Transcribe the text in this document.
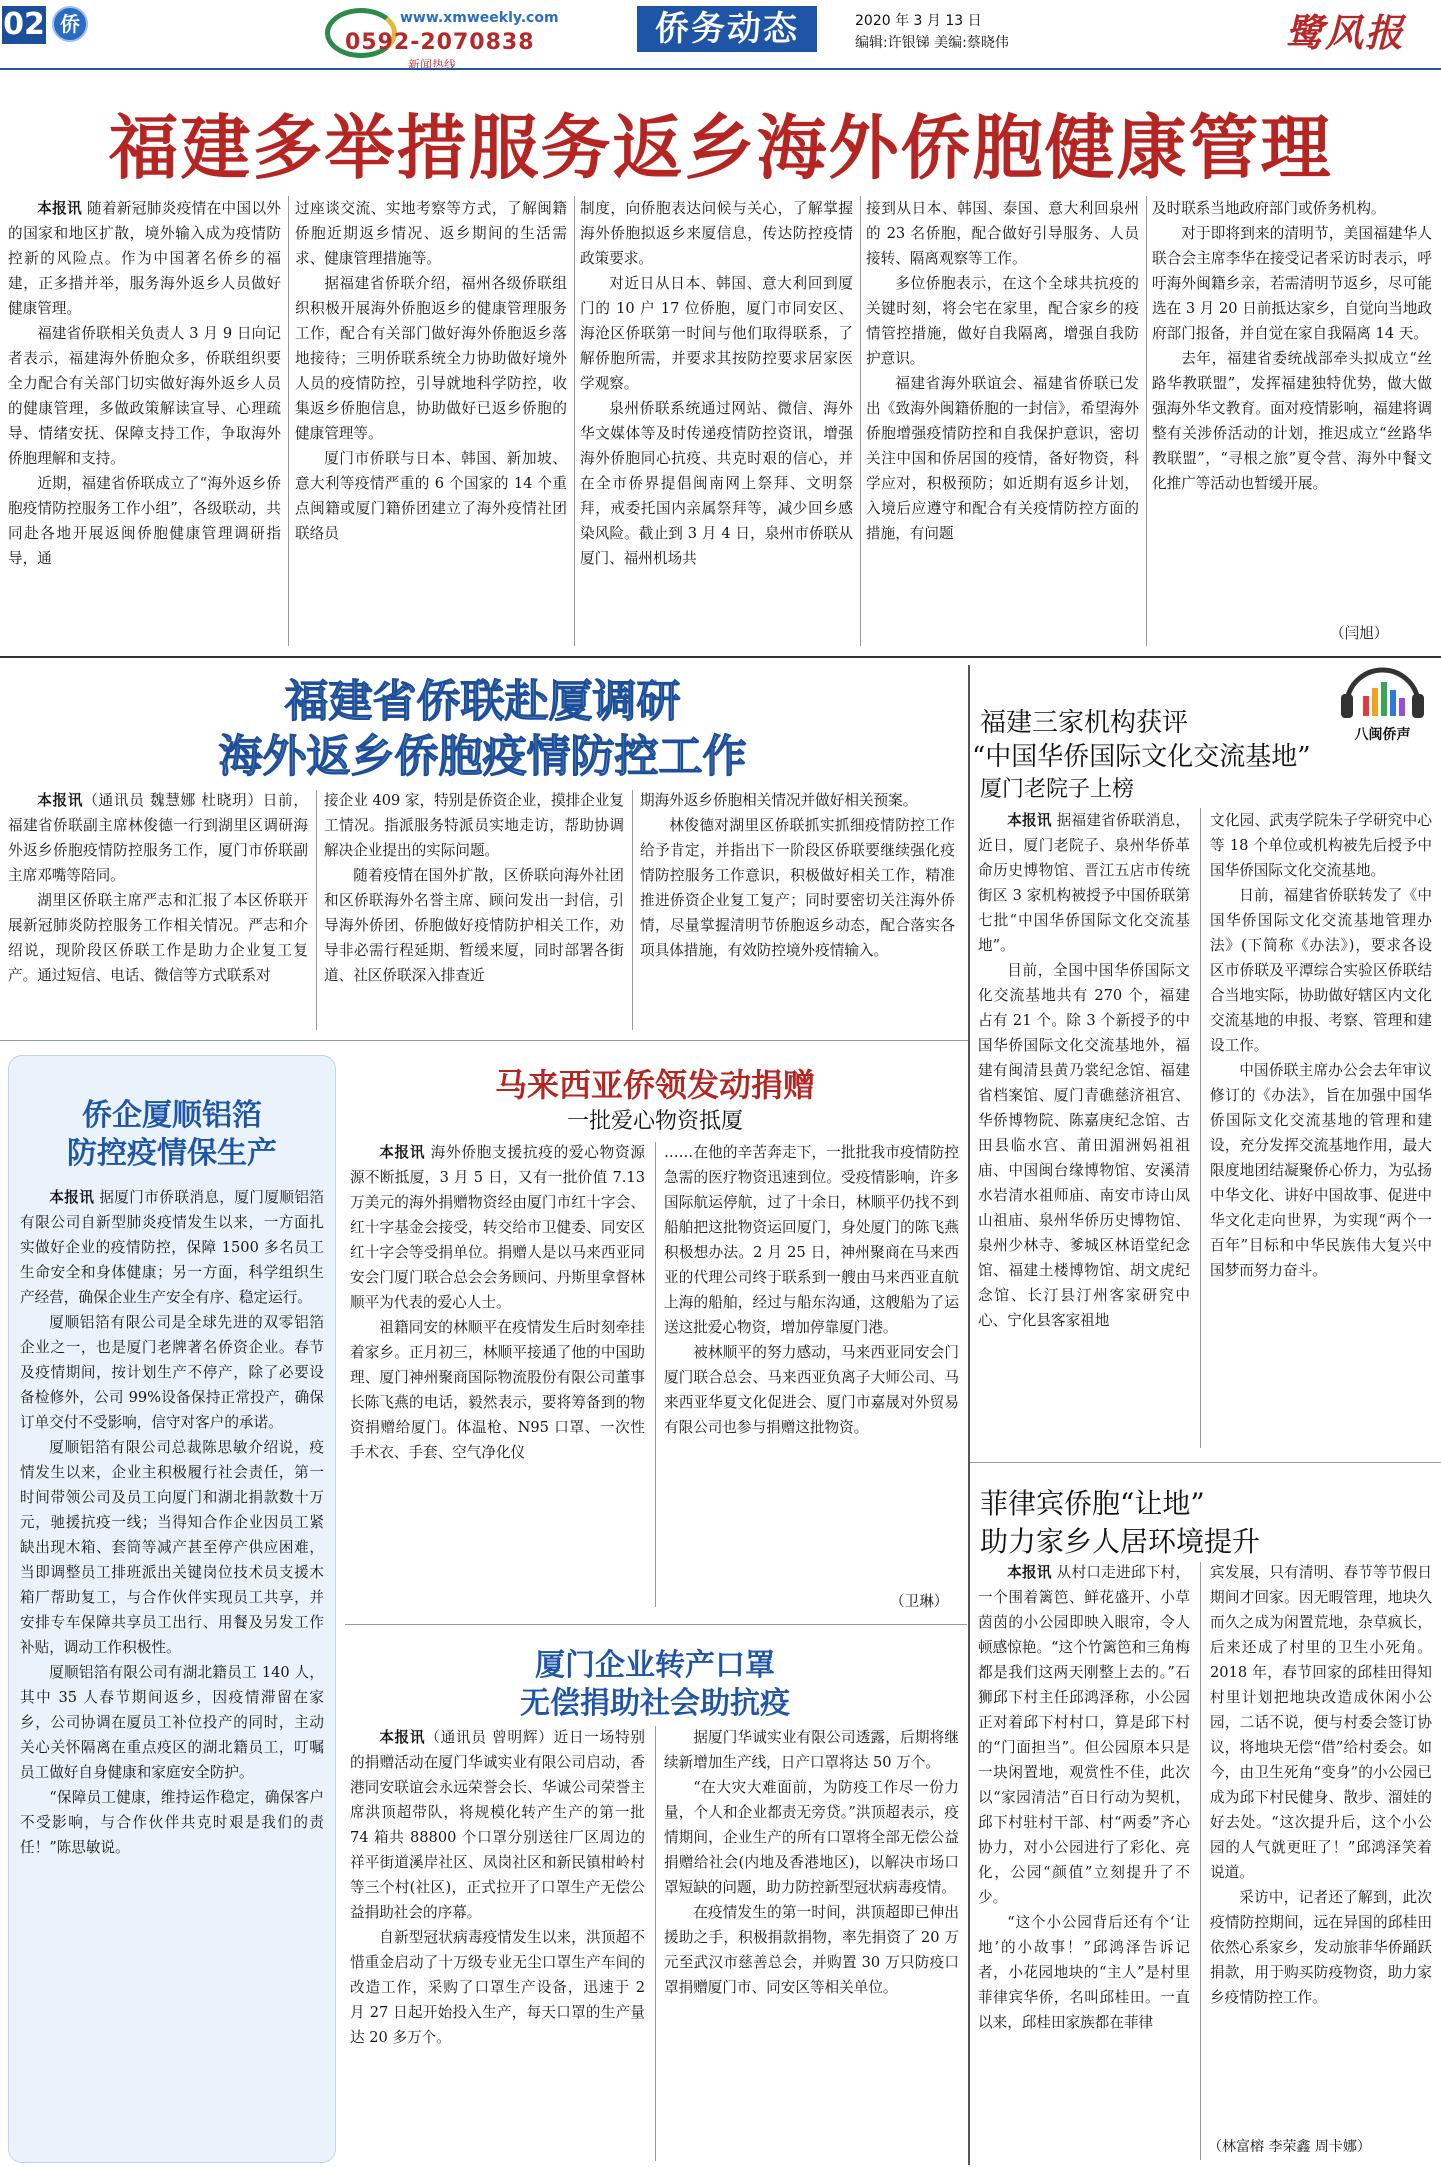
02 侨	www.xmweekly.com
0592-2070838
新闻热线
侨务动态	2020 年 3 月 13 日
编辑:许银锑 美编:蔡晓伟	鹭风报
福建多举措服务返乡海外侨胞健康管理

本报讯 随着新冠肺炎疫情在中国以外的国家和地区扩散，境外输入成为疫情防控新的风险点。作为中国著名侨乡的福建，正多措并举，服务海外返乡人员做好健康管理。

福建省侨联相关负责人 3 月 9 日向记者表示，福建海外侨胞众多，侨联组织要全力配合有关部门切实做好海外返乡人员的健康管理，多做政策解读宣导、心理疏导、情绪安抚、保障支持工作，争取海外侨胞理解和支持。

近期，福建省侨联成立了“海外返乡侨胞疫情防控服务工作小组”，各级联动，共同赴各地开展返闽侨胞健康管理调研指导，通

过座谈交流、实地考察等方式，了解闽籍侨胞近期返乡情况、返乡期间的生活需求、健康管理措施等。

据福建省侨联介绍，福州各级侨联组织积极开展海外侨胞返乡的健康管理服务工作，配合有关部门做好海外侨胞返乡落地接待；三明侨联系统全力协助做好境外人员的疫情防控，引导就地科学防控，收集返乡侨胞信息，协助做好已返乡侨胞的健康管理等。

厦门市侨联与日本、韩国、新加坡、意大利等疫情严重的 6 个国家的 14 个重点闽籍或厦门籍侨团建立了海外疫情社团联络员

制度，向侨胞表达问候与关心，了解掌握海外侨胞拟返乡来厦信息，传达防控疫情政策要求。

对近日从日本、韩国、意大利回到厦门的 10 户 17 位侨胞，厦门市同安区、海沧区侨联第一时间与他们取得联系，了解侨胞所需，并要求其按防控要求居家医学观察。

泉州侨联系统通过网站、微信、海外华文媒体等及时传递疫情防控资讯，增强海外侨胞同心抗疫、共克时艰的信心，并在全市侨界提倡闽南网上祭拜、文明祭拜，戒委托国内亲属祭拜等，减少回乡感染风险。截止到 3 月 4 日，泉州市侨联从厦门、福州机场共

接到从日本、韩国、泰国、意大利回泉州的 23 名侨胞，配合做好引导服务、人员接转、隔离观察等工作。

多位侨胞表示，在这个全球共抗疫的关键时刻，将会宅在家里，配合家乡的疫情管控措施，做好自我隔离，增强自我防护意识。

福建省海外联谊会、福建省侨联已发出《致海外闽籍侨胞的一封信》，希望海外侨胞增强疫情防控和自我保护意识，密切关注中国和侨居国的疫情，备好物资，科学应对，积极预防；如近期有返乡计划，入境后应遵守和配合有关疫情防控方面的措施，有问题

及时联系当地政府部门或侨务机构。

对于即将到来的清明节，美国福建华人联合会主席李华在接受记者采访时表示，呼吁海外闽籍乡亲，若需清明节返乡，尽可能选在 3 月 20 日前抵达家乡，自觉向当地政府部门报备，并自觉在家自我隔离 14 天。

去年，福建省委统战部牵头拟成立“丝路华教联盟”，发挥福建独特优势，做大做强海外华文教育。面对疫情影响，福建将调整有关涉侨活动的计划，推迟成立“丝路华教联盟”，“寻根之旅”夏令营、海外中餐文化推广等活动也暂缓开展。

（闫旭）
福建省侨联赴厦调研
海外返乡侨胞疫情防控工作

本报讯（通讯员 魏慧娜 杜晓玥）日前，福建省侨联副主席林俊德一行到湖里区调研海外返乡侨胞疫情防控服务工作，厦门市侨联副主席邓嘴等陪同。

湖里区侨联主席严志和汇报了本区侨联开展新冠肺炎防控服务工作相关情况。严志和介绍说，现阶段区侨联工作是助力企业复工复产。通过短信、电话、微信等方式联系对

接企业 409 家，特别是侨资企业，摸排企业复工情况。指派服务特派员实地走访，帮助协调解决企业提出的实际问题。

随着疫情在国外扩散，区侨联向海外社团和区侨联海外名誉主席、顾问发出一封信，引导海外侨团、侨胞做好疫情防护相关工作，劝导非必需行程延期、暂缓来厦，同时部署各街道、社区侨联深入排查近

期海外返乡侨胞相关情况并做好相关预案。

林俊德对湖里区侨联抓实抓细疫情防控工作给予肯定，并指出下一阶段区侨联要继续强化疫情防控服务工作意识，积极做好相关工作，精准推进侨资企业复工复产；同时要密切关注海外侨情，尽量掌握清明节侨胞返乡动态，配合落实各项具体措施，有效防控境外疫情输入。

侨企厦顺铝箔
防控疫情保生产

本报讯 据厦门市侨联消息，厦门厦顺铝箔有限公司自新型肺炎疫情发生以来，一方面扎实做好企业的疫情防控，保障 1500 多名员工生命安全和身体健康；另一方面，科学组织生产经营，确保企业生产安全有序、稳定运行。

厦顺铝箔有限公司是全球先进的双零铝箔企业之一，也是厦门老牌著名侨资企业。春节及疫情期间，按计划生产不停产，除了必要设备检修外，公司 99%设备保持正常投产，确保订单交付不受影响，信守对客户的承诺。

厦顺铝箔有限公司总裁陈思敏介绍说，疫情发生以来，企业主积极履行社会责任，第一时间带领公司及员工向厦门和湖北捐款数十万元，驰援抗疫一线；当得知合作企业因员工紧缺出现木箱、套筒等减产甚至停产供应困难，当即调整员工排班派出关键岗位技术员支援木箱厂帮助复工，与合作伙伴实现员工共享，并安排专车保障共享员工出行、用餐及另发工作补贴，调动工作积极性。

厦顺铝箔有限公司有湖北籍员工 140 人，其中 35 人春节期间返乡，因疫情滞留在家乡，公司协调在厦员工补位投产的同时，主动关心关怀隔离在重点疫区的湖北籍员工，叮嘱员工做好自身健康和家庭安全防护。

“保障员工健康，维持运作稳定，确保客户不受影响，与合作伙伴共克时艰是我们的责任！”陈思敏说。

马来西亚侨领发动捐赠
一批爱心物资抵厦

本报讯 海外侨胞支援抗疫的爱心物资源源不断抵厦，3 月 5 日，又有一批价值 7.13 万美元的海外捐赠物资经由厦门市红十字会、红十字基金会接受，转交给市卫健委、同安区红十字会等受捐单位。捐赠人是以马来西亚同安会门厦门联合总会会务顾问、丹斯里拿督林顺平为代表的爱心人士。

祖籍同安的林顺平在疫情发生后时刻牵挂着家乡。正月初三，林顺平接通了他的中国助理、厦门神州聚商国际物流股份有限公司董事长陈飞燕的电话，毅然表示，要将筹备到的物资捐赠给厦门。体温枪、N95 口罩、一次性手术衣、手套、空气净化仪

……在他的辛苦奔走下，一批批我市疫情防控急需的医疗物资迅速到位。受疫情影响，许多国际航运停航，过了十余日，林顺平仍找不到船舶把这批物资运回厦门，身处厦门的陈飞燕积极想办法。2 月 25 日，神州聚商在马来西亚的代理公司终于联系到一艘由马来西亚直航上海的船舶，经过与船东沟通，这艘船为了运送这批爱心物资，增加停靠厦门港。

被林顺平的努力感动，马来西亚同安会门厦门联合总会、马来西亚负离子大师公司、马来西亚华夏文化促进会、厦门市嘉晟对外贸易有限公司也参与捐赠这批物资。

（卫琳）
厦门企业转产口罩
无偿捐助社会助抗疫

本报讯（通讯员 曾明辉）近日一场特别的捐赠活动在厦门华诚实业有限公司启动，香港同安联谊会永远荣誉会长、华诚公司荣誉主席洪顶超带队，将规模化转产生产的第一批 74 箱共 88800 个口罩分别送往厂区周边的祥平街道溪岸社区、凤岗社区和新民镇柑岭村等三个村(社区)，正式拉开了口罩生产无偿公益捐助社会的序幕。

自新型冠状病毒疫情发生以来，洪顶超不惜重金启动了十万级专业无尘口罩生产车间的改造工作，采购了口罩生产设备，迅速于 2 月 27 日起开始投入生产，每天口罩的生产量达 20 多万个。

据厦门华诚实业有限公司透露，后期将继续新增加生产线，日产口罩将达 50 万个。

“在大灾大难面前，为防疫工作尽一份力量，个人和企业都责无旁贷。”洪顶超表示，疫情期间，企业生产的所有口罩将全部无偿公益捐赠给社会(内地及香港地区)，以解决市场口罩短缺的问题，助力防控新型冠状病毒疫情。

在疫情发生的第一时间，洪顶超即已伸出援助之手，积极捐款捐物，率先捐资了 20 万元至武汉市慈善总会，并购置 30 万只防疫口罩捐赠厦门市、同安区等相关单位。

福建三家机构获评
“中国华侨国际文化交流基地”
厦门老院子上榜
八闽侨声

本报讯 据福建省侨联消息，近日，厦门老院子、泉州华侨革命历史博物馆、晋江五店市传统街区 3 家机构被授予中国侨联第七批“中国华侨国际文化交流基地”。

目前，全国中国华侨国际文化交流基地共有 270 个，福建占有 21 个。除 3 个新授予的中国华侨国际文化交流基地外，福建有闽清县黄乃裳纪念馆、福建省档案馆、厦门青礁慈济祖宫、华侨博物院、陈嘉庚纪念馆、古田县临水宫、莆田湄洲妈祖祖庙、中国闽台缘博物馆、安溪清水岩清水祖师庙、南安市诗山凤山祖庙、泉州华侨历史博物馆、泉州少林寺、爹城区林语堂纪念馆、福建土楼博物馆、胡文虎纪念馆、长汀县汀州客家研究中心、宁化县客家祖地

文化园、武夷学院朱子学研究中心等 18 个单位或机构被先后授予中国华侨国际文化交流基地。

日前，福建省侨联转发了《中国华侨国际文化交流基地管理办法》(下简称《办法》)，要求各设区市侨联及平潭综合实验区侨联结合当地实际，协助做好辖区内文化交流基地的申报、考察、管理和建设工作。

中国侨联主席办公会去年审议修订的《办法》，旨在加强中国华侨国际文化交流基地的管理和建设，充分发挥交流基地作用，最大限度地团结凝聚侨心侨力，为弘扬中华文化、讲好中国故事、促进中华文化走向世界，为实现“两个一百年”目标和中华民族伟大复兴中国梦而努力奋斗。

菲律宾侨胞“让地”
助力家乡人居环境提升

本报讯 从村口走进邱下村，一个围着篱笆、鲜花盛开、小草茵茵的小公园即映入眼帘，令人顿感惊艳。“这个竹篱笆和三角梅都是我们这两天刚整上去的。”石狮邱下村主任邱鸿泽称，小公园正对着邱下村村口，算是邱下村的“门面担当”。但公园原本只是一块闲置地，观赏性不佳，此次以“家园清洁”百日行动为契机，邱下村驻村干部、村“两委”齐心协力，对小公园进行了彩化、亮化，公园“颜值”立刻提升了不少。

“这个小公园背后还有个‘让地’的小故事！”邱鸿泽告诉记者，小花园地块的“主人”是村里菲律宾华侨，名叫邱桂田。一直以来，邱桂田家族都在菲律

宾发展，只有清明、春节等节假日期间才回家。因无暇管理，地块久而久之成为闲置荒地，杂草疯长，后来还成了村里的卫生小死角。2018 年，春节回家的邱桂田得知村里计划把地块改造成休闲小公园，二话不说，便与村委会签订协议，将地块无偿“借”给村委会。如今，由卫生死角“变身”的小公园已成为邱下村民健身、散步、溜娃的好去处。“这次提升后，这个小公园的人气就更旺了！”邱鸿泽笑着说道。

采访中，记者还了解到，此次疫情防控期间，远在异国的邱桂田依然心系家乡，发动旅菲华侨踊跃捐款，用于购买防疫物资，助力家乡疫情防控工作。

（林富榕 李荣鑫 周卡娜）
